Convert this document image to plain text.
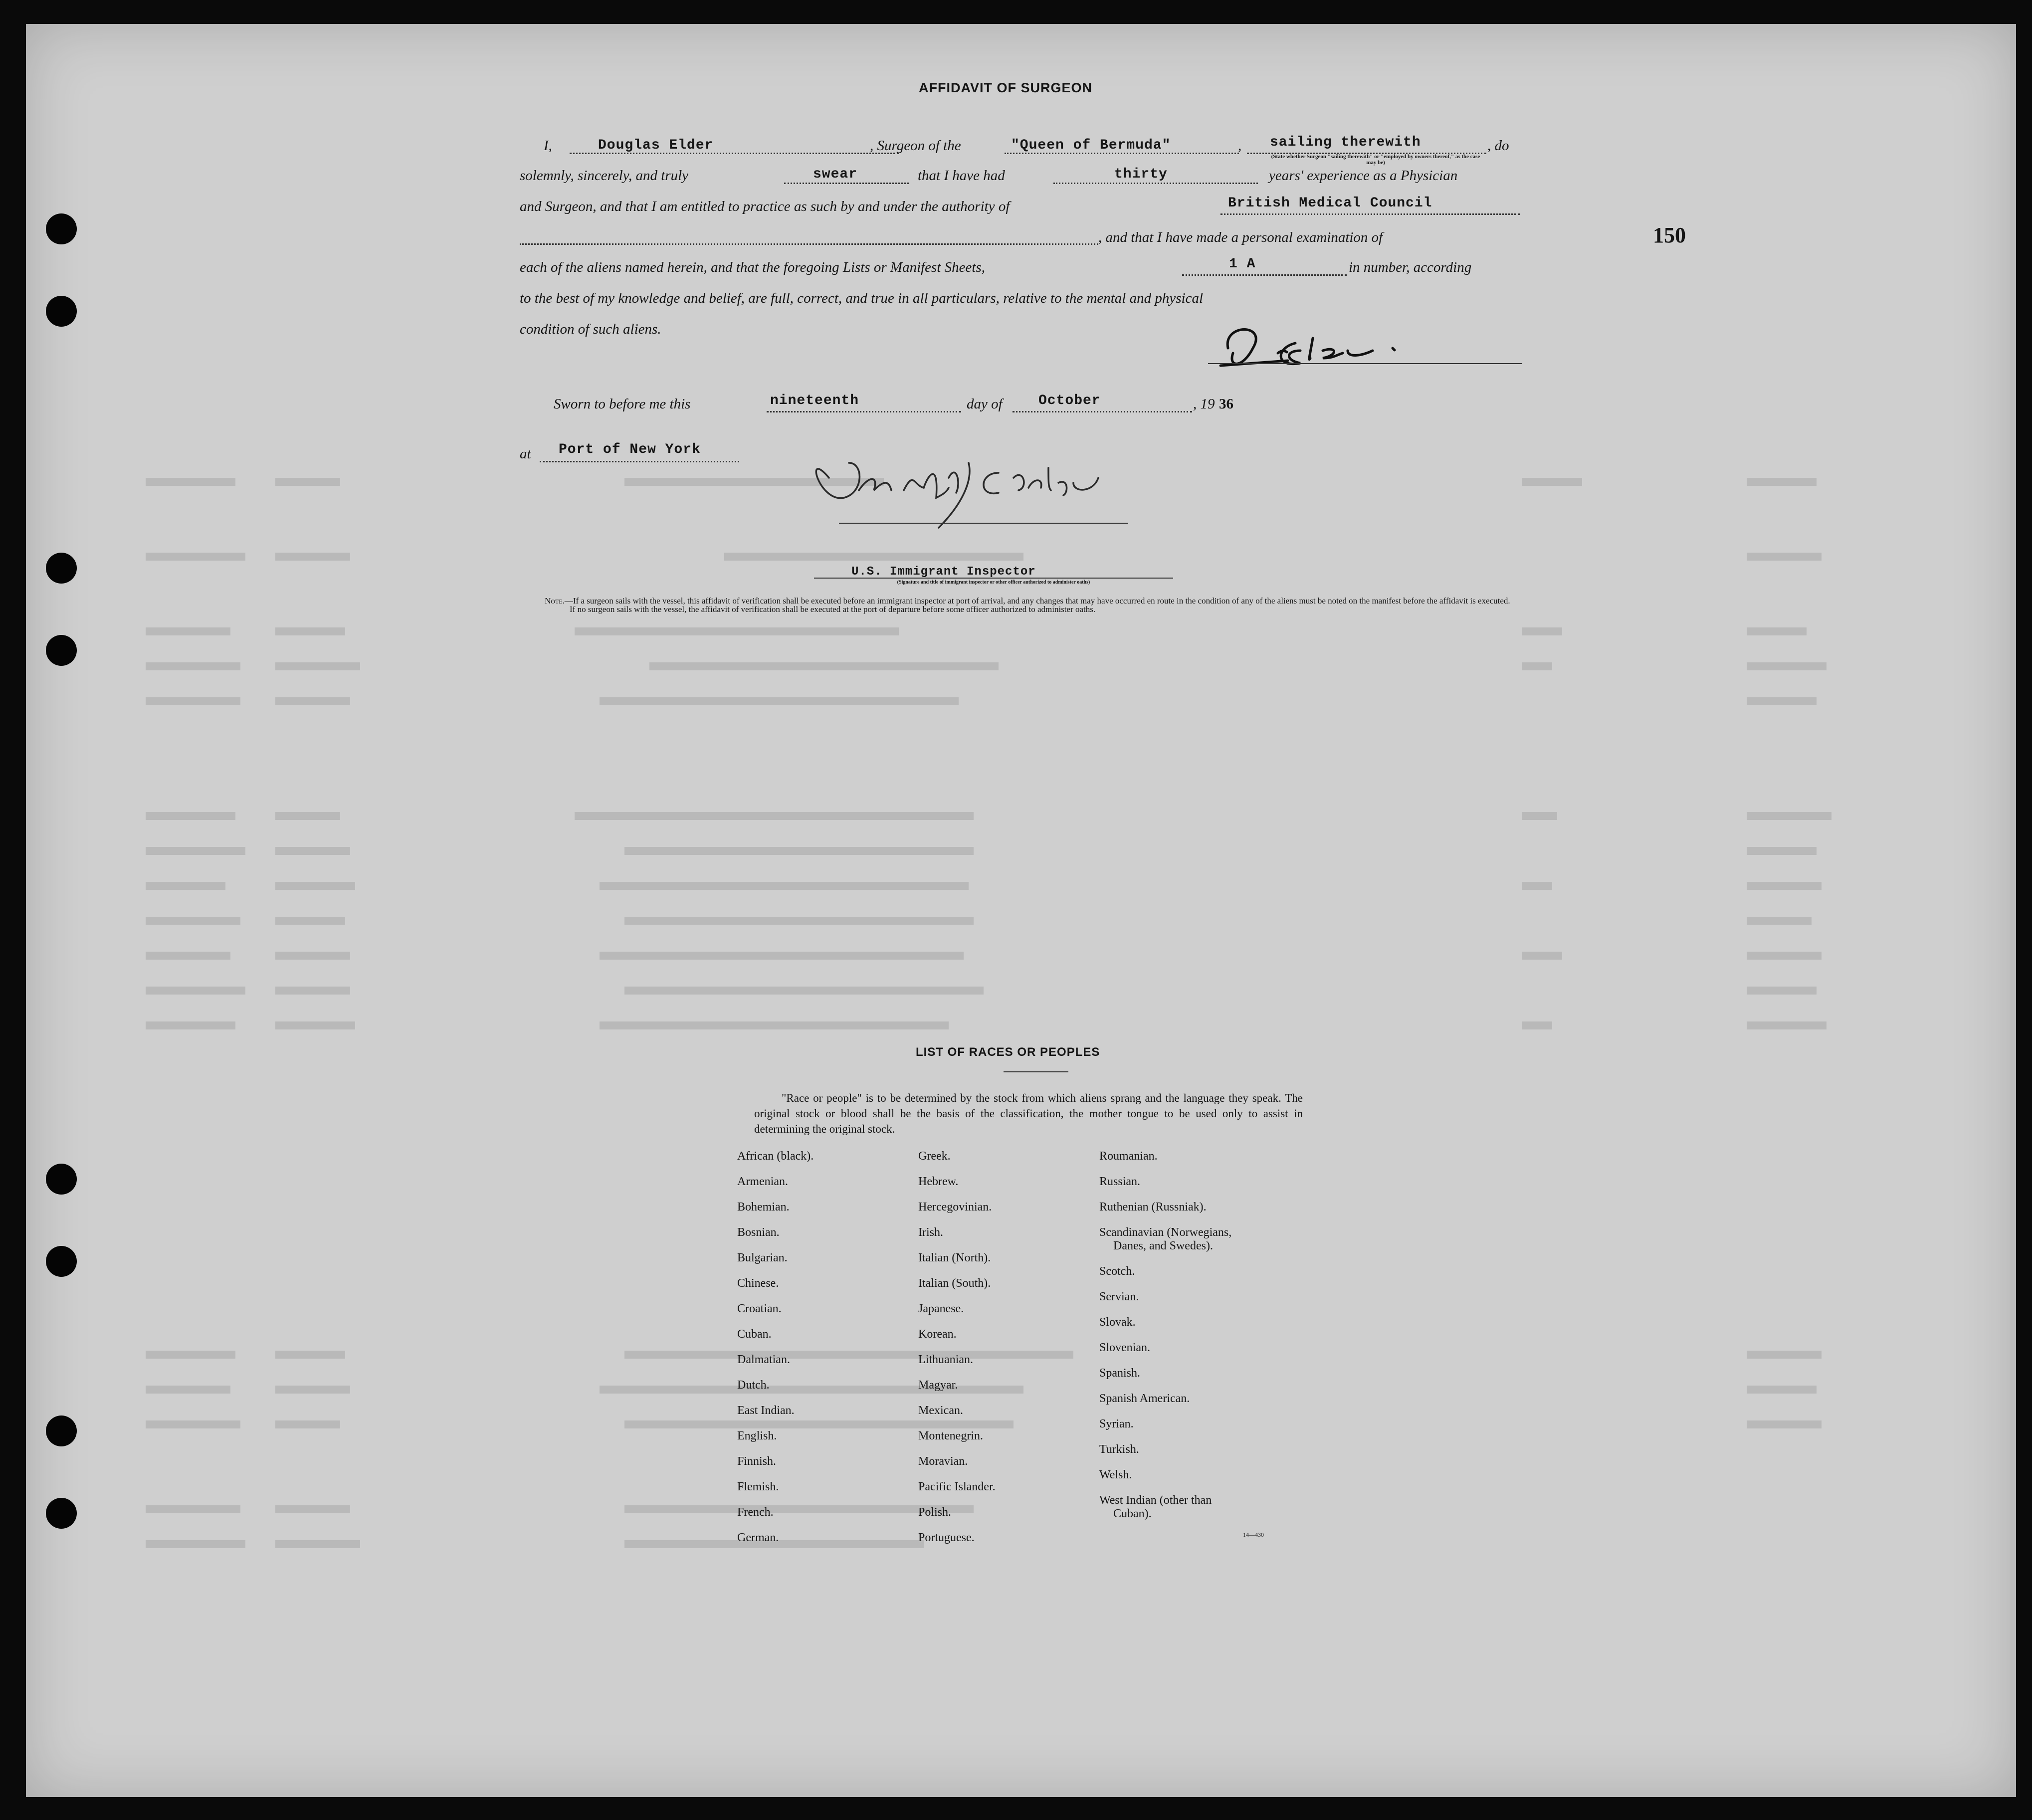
AFFIDAVIT OF SURGEON
150
I,	Douglas Elder	, Surgeon of the	"Queen of Bermuda"	, sailing therewith	, do
(State whether Surgeon "sailing therewith" or "employed by owners thereof," as the case may be)
solemnly, sincerely, and truly	swear	that I have had	thirty	years' experience as a Physician
and Surgeon, and that I am entitled to practice as such by and under the authority of	British Medical Council
, and that I have made a personal examination of
each of the aliens named herein, and that the foregoing Lists or Manifest Sheets,	1 A	in number, according
to the best of my knowledge and belief, are full, correct, and true in all particulars, relative to the mental and physical
condition of such aliens.
D. Elder.
Sworn to before me this	nineteenth	day of	October	, 19 36
at Port of New York	Herbert J. Conley
U.S. Immigrant Inspector
(Signature and title of immigrant inspector or other officer authorized to administer oaths)
Note.—If a surgeon sails with the vessel, this affidavit of verification shall be executed before an immigrant inspector at port of arrival, and any changes that may have occurred en route in the condition of any of the aliens must be noted on the manifest before the affidavit is executed.
If no surgeon sails with the vessel, the affidavit of verification shall be executed at the port of departure before some officer authorized to administer oaths.
LIST OF RACES OR PEOPLES
"Race or people" is to be determined by the stock from which aliens sprang and the language they speak. The original stock or blood shall be the basis of the classification, the mother tongue to be used only to assist in determining the original stock.
African (black).
Armenian.
Bohemian.
Bosnian.
Bulgarian.
Chinese.
Croatian.
Cuban.
Dalmatian.
Dutch.
East Indian.
English.
Finnish.
Flemish.
French.
German.
Greek.
Hebrew.
Hercegovinian.
Irish.
Italian (North).
Italian (South).
Japanese.
Korean.
Lithuanian.
Magyar.
Mexican.
Montenegrin.
Moravian.
Pacific Islander.
Polish.
Portuguese.
Roumanian.
Russian.
Ruthenian (Russniak).
Scandinavian (Norwegians,
Danes, and Swedes).
Scotch.
Servian.
Slovak.
Slovenian.
Spanish.
Spanish American.
Syrian.
Turkish.
Welsh.
West Indian (other than
Cuban).
14—430
